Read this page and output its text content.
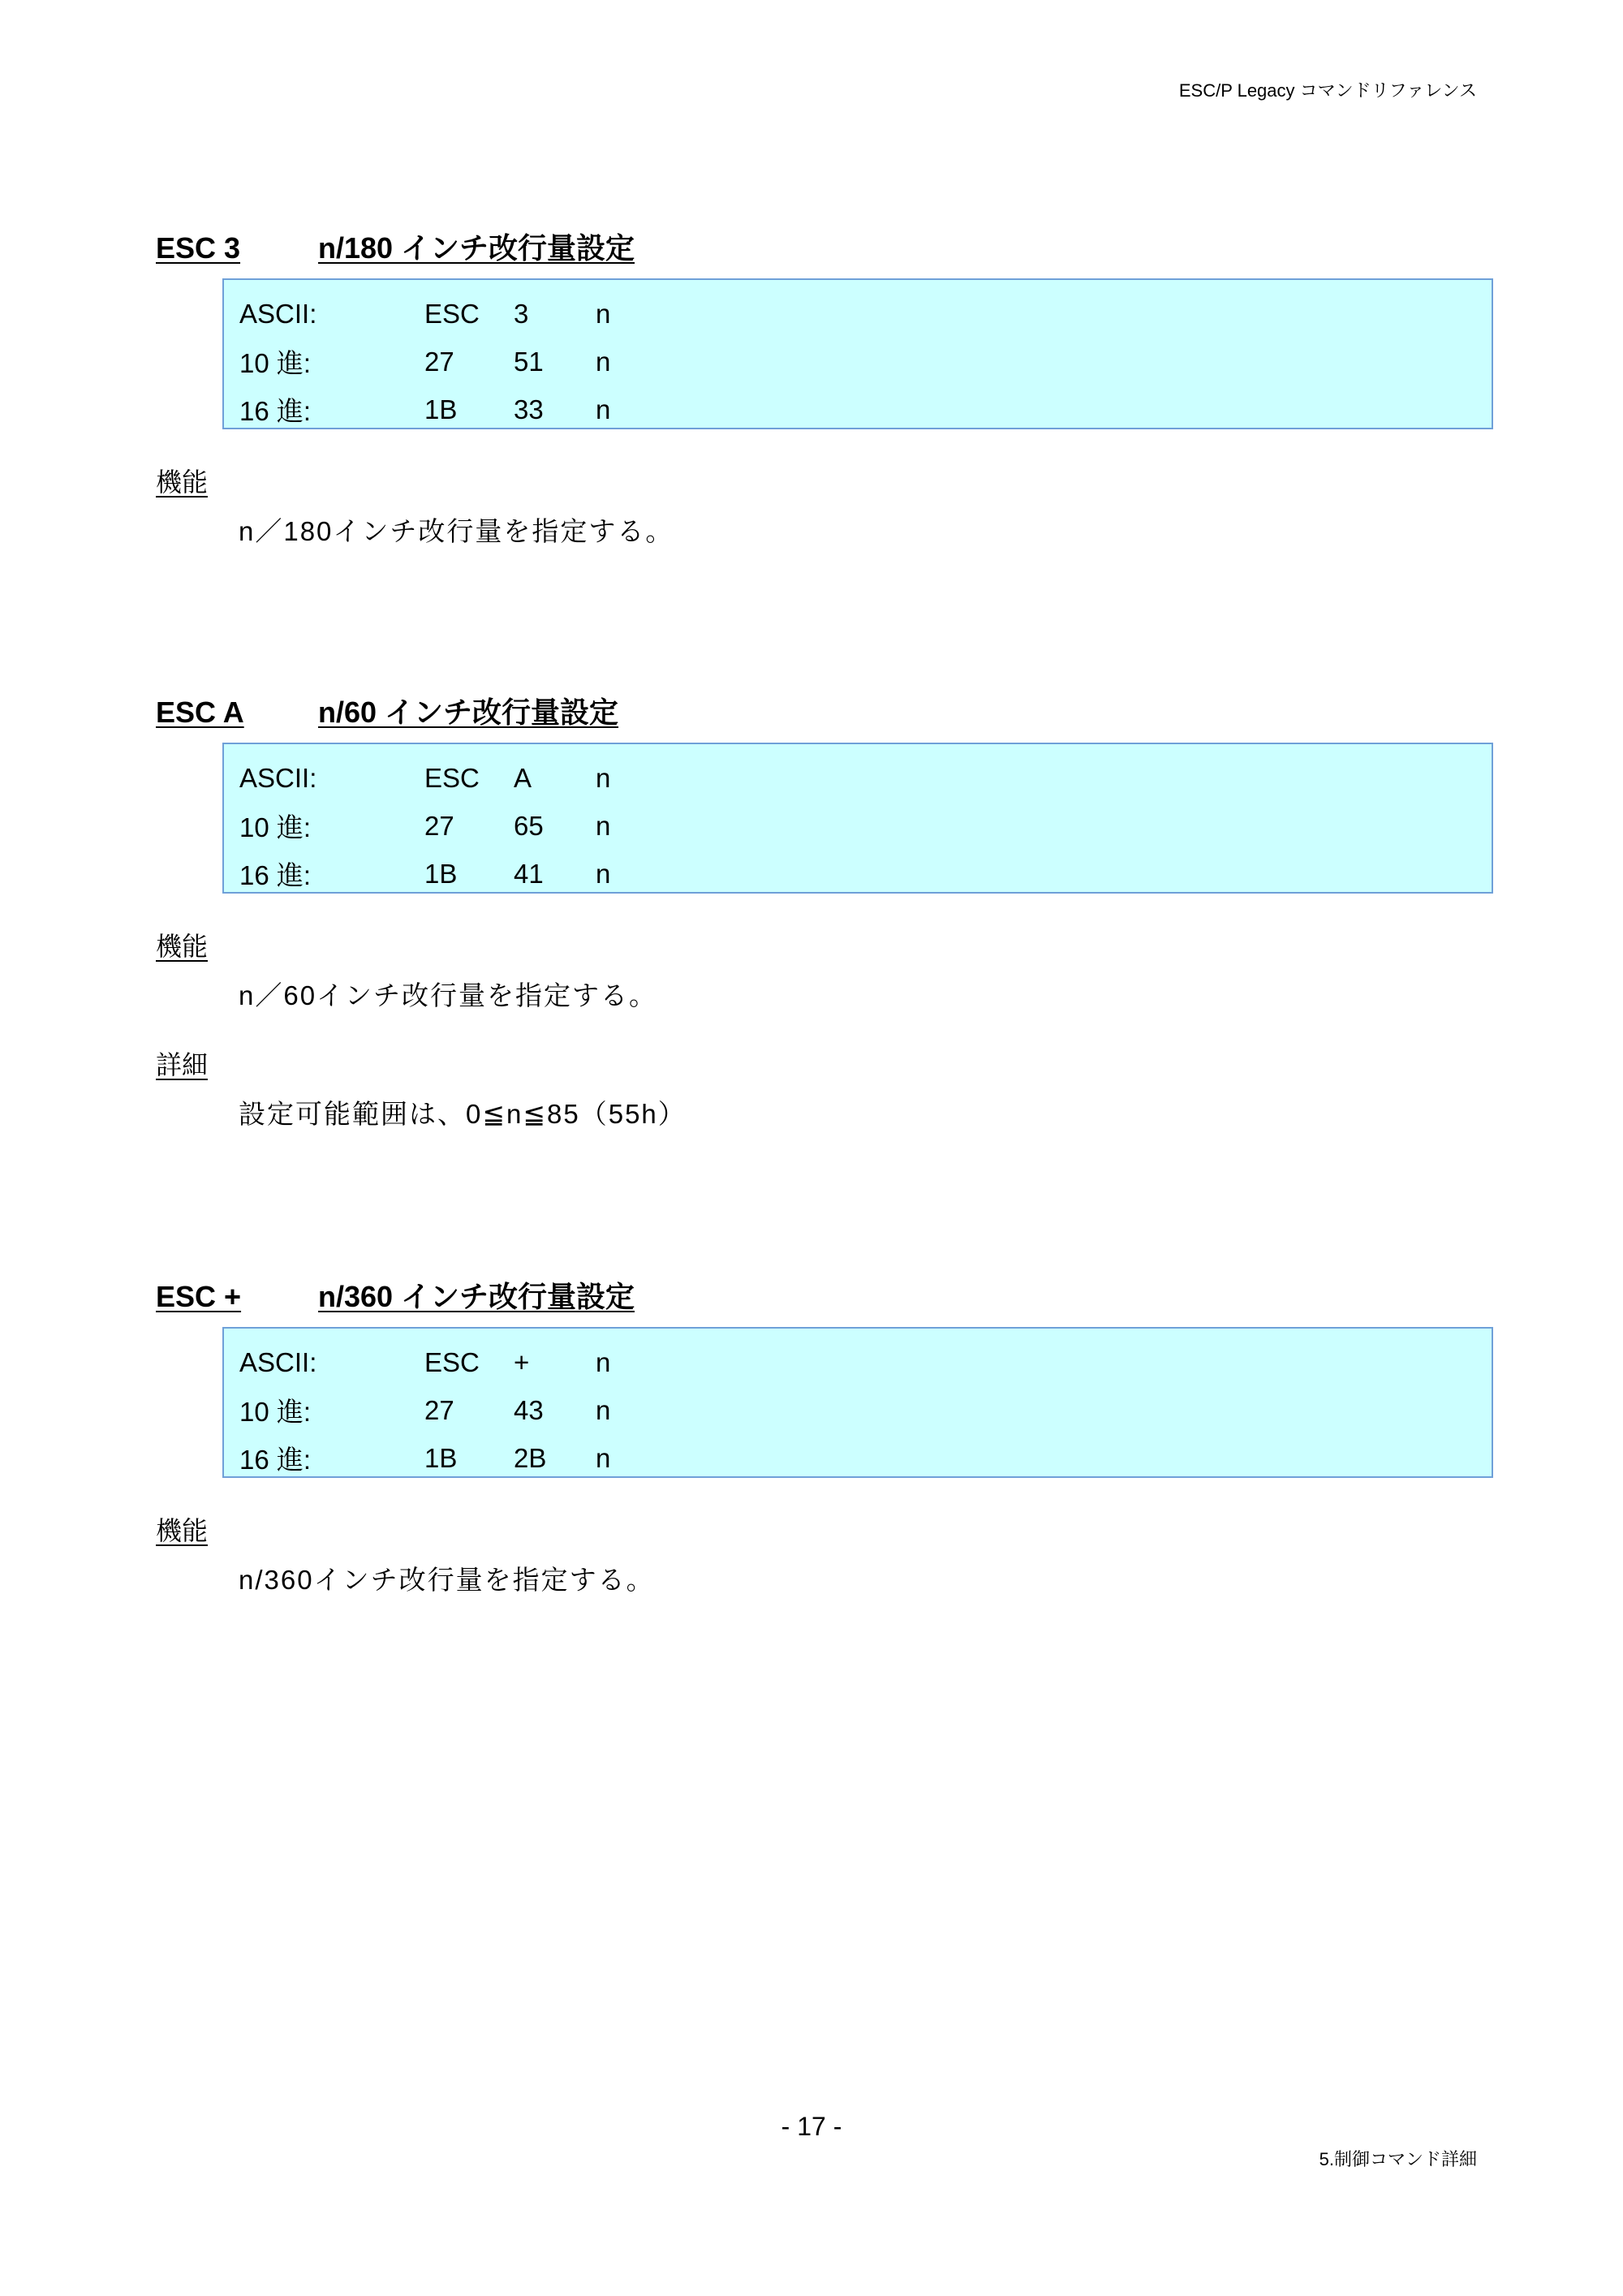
ESC/P Legacy コマンドリファレンス
ESC 3	n/180 インチ改行量設定
ASCII:	ESC	3	n
10 進:	27	51	n
16 進:	1B	33	n
機能
n／180インチ改行量を指定する。
ESC A	n/60 インチ改行量設定
ASCII:	ESC	A	n
10 進:	27	65	n
16 進:	1B	41	n
機能
n／60インチ改行量を指定する。
詳細
設定可能範囲は、0≦n≦85（55h）
ESC +	n/360 インチ改行量設定
ASCII:	ESC	+	n
10 進:	27	43	n
16 進:	1B	2B	n
機能
n/360インチ改行量を指定する。
- 17 -
5.制御コマンド詳細
